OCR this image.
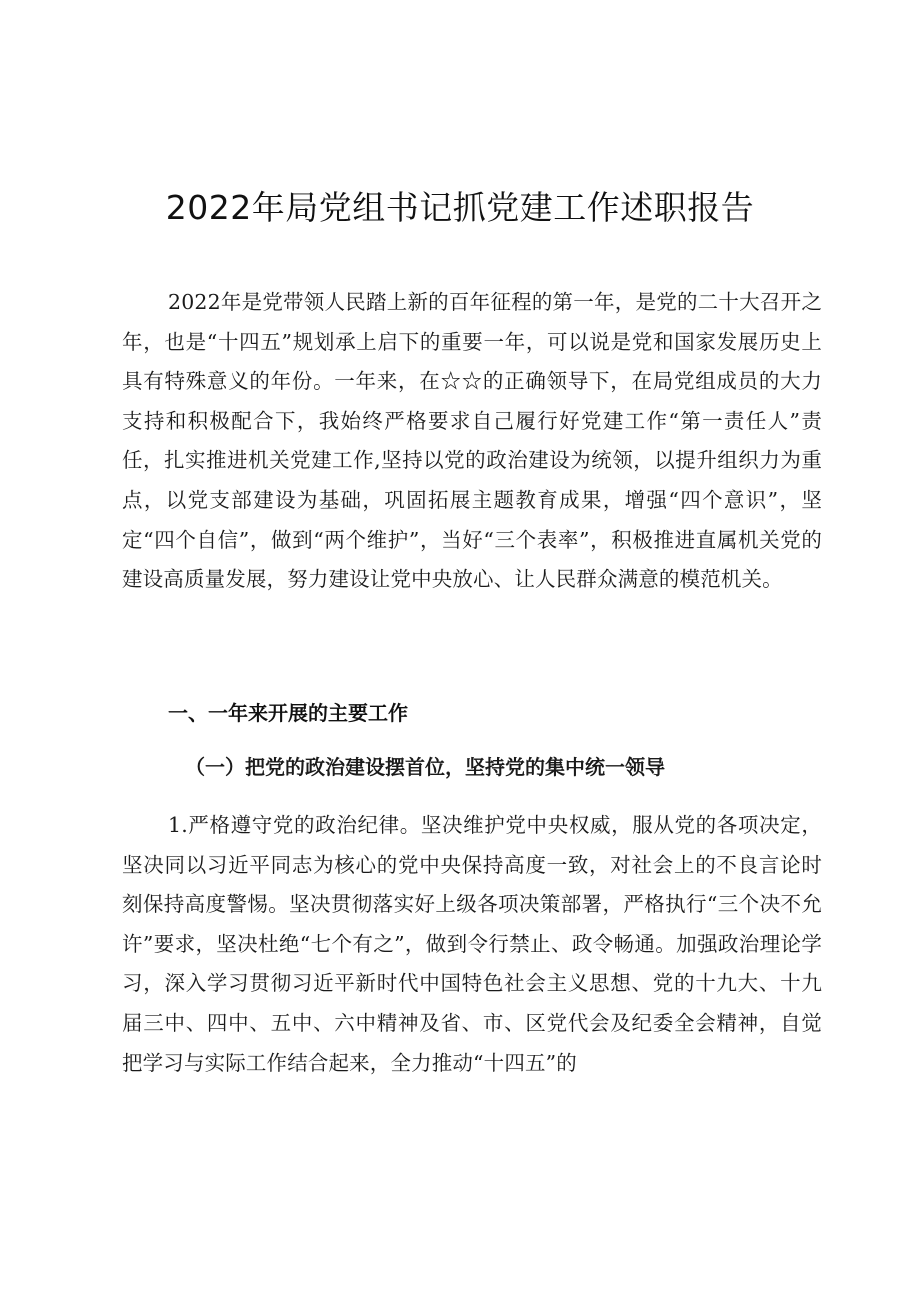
2022年局党组书记抓党建工作述职报告

2022年是党带领人民踏上新的百年征程的第一年，是党的二十大召开之年，也是“十四五”规划承上启下的重要一年，可以说是党和国家发展历史上具有特殊意义的年份。一年来，在☆☆的正确领导下，在局党组成员的大力支持和积极配合下，我始终严格要求自己履行好党建工作“第一责任人”责任，扎实推进机关党建工作,坚持以党的政治建设为统领，以提升组织力为重点，以党支部建设为基础，巩固拓展主题教育成果，增强“四个意识”，坚定“四个自信”，做到“两个维护”，当好“三个表率”，积极推进直属机关党的建设高质量发展，努力建设让党中央放心、让人民群众满意的模范机关。

一、一年来开展的主要工作
（一）把党的政治建设摆首位，坚持党的集中统一领导

1.严格遵守党的政治纪律。坚决维护党中央权威，服从党的各项决定，坚决同以习近平同志为核心的党中央保持高度一致，对社会上的不良言论时刻保持高度警惕。坚决贯彻落实好上级各项决策部署，严格执行“三个决不允许”要求，坚决杜绝“七个有之”，做到令行禁止、政令畅通。加强政治理论学习，深入学习贯彻习近平新时代中国特色社会主义思想、党的十九大、十九届三中、四中、五中、六中精神及省、市、区党代会及纪委全会精神，自觉把学习与实际工作结合起来，全力推动“十四五”的
